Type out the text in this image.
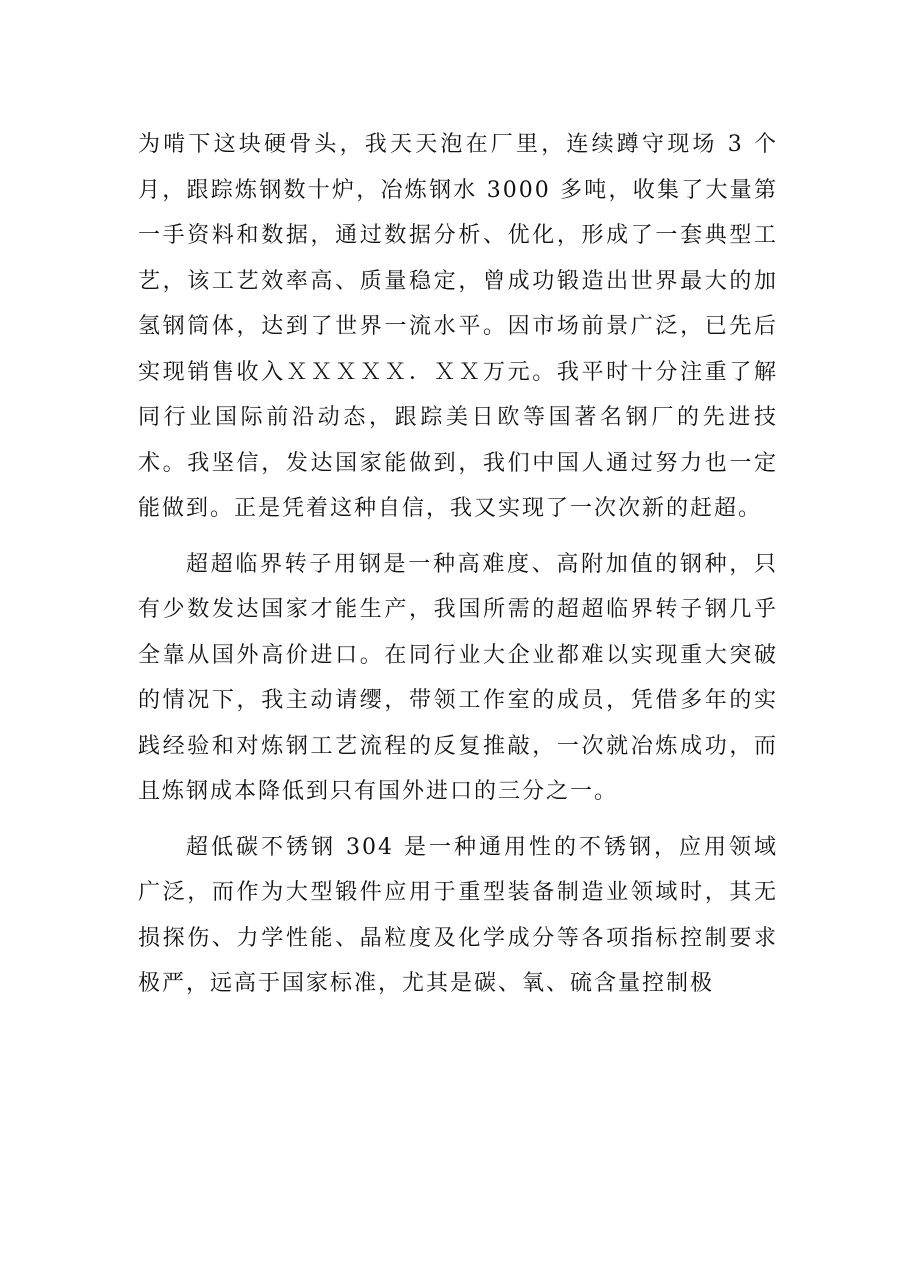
为啃下这块硬骨头，我天天泡在厂里，连续蹲守现场 3 个月，跟踪炼钢数十炉，冶炼钢水 3000 多吨，收集了大量第一手资料和数据，通过数据分析、优化，形成了一套典型工艺，该工艺效率高、质量稳定，曾成功锻造出世界最大的加氢钢筒体，达到了世界一流水平。因市场前景广泛，已先后实现销售收入ＸＸＸＸＸ．ＸＸ万元。我平时十分注重了解同行业国际前沿动态，跟踪美日欧等国著名钢厂的先进技术。我坚信，发达国家能做到，我们中国人通过努力也一定能做到。正是凭着这种自信，我又实现了一次次新的赶超。

超超临界转子用钢是一种高难度、高附加值的钢种，只有少数发达国家才能生产，我国所需的超超临界转子钢几乎全靠从国外高价进口。在同行业大企业都难以实现重大突破的情况下，我主动请缨，带领工作室的成员，凭借多年的实践经验和对炼钢工艺流程的反复推敲，一次就冶炼成功，而且炼钢成本降低到只有国外进口的三分之一。

超低碳不锈钢 304 是一种通用性的不锈钢，应用领域广泛，而作为大型锻件应用于重型装备制造业领域时，其无损探伤、力学性能、晶粒度及化学成分等各项指标控制要求极严，远高于国家标准，尤其是碳、氧、硫含量控制极
